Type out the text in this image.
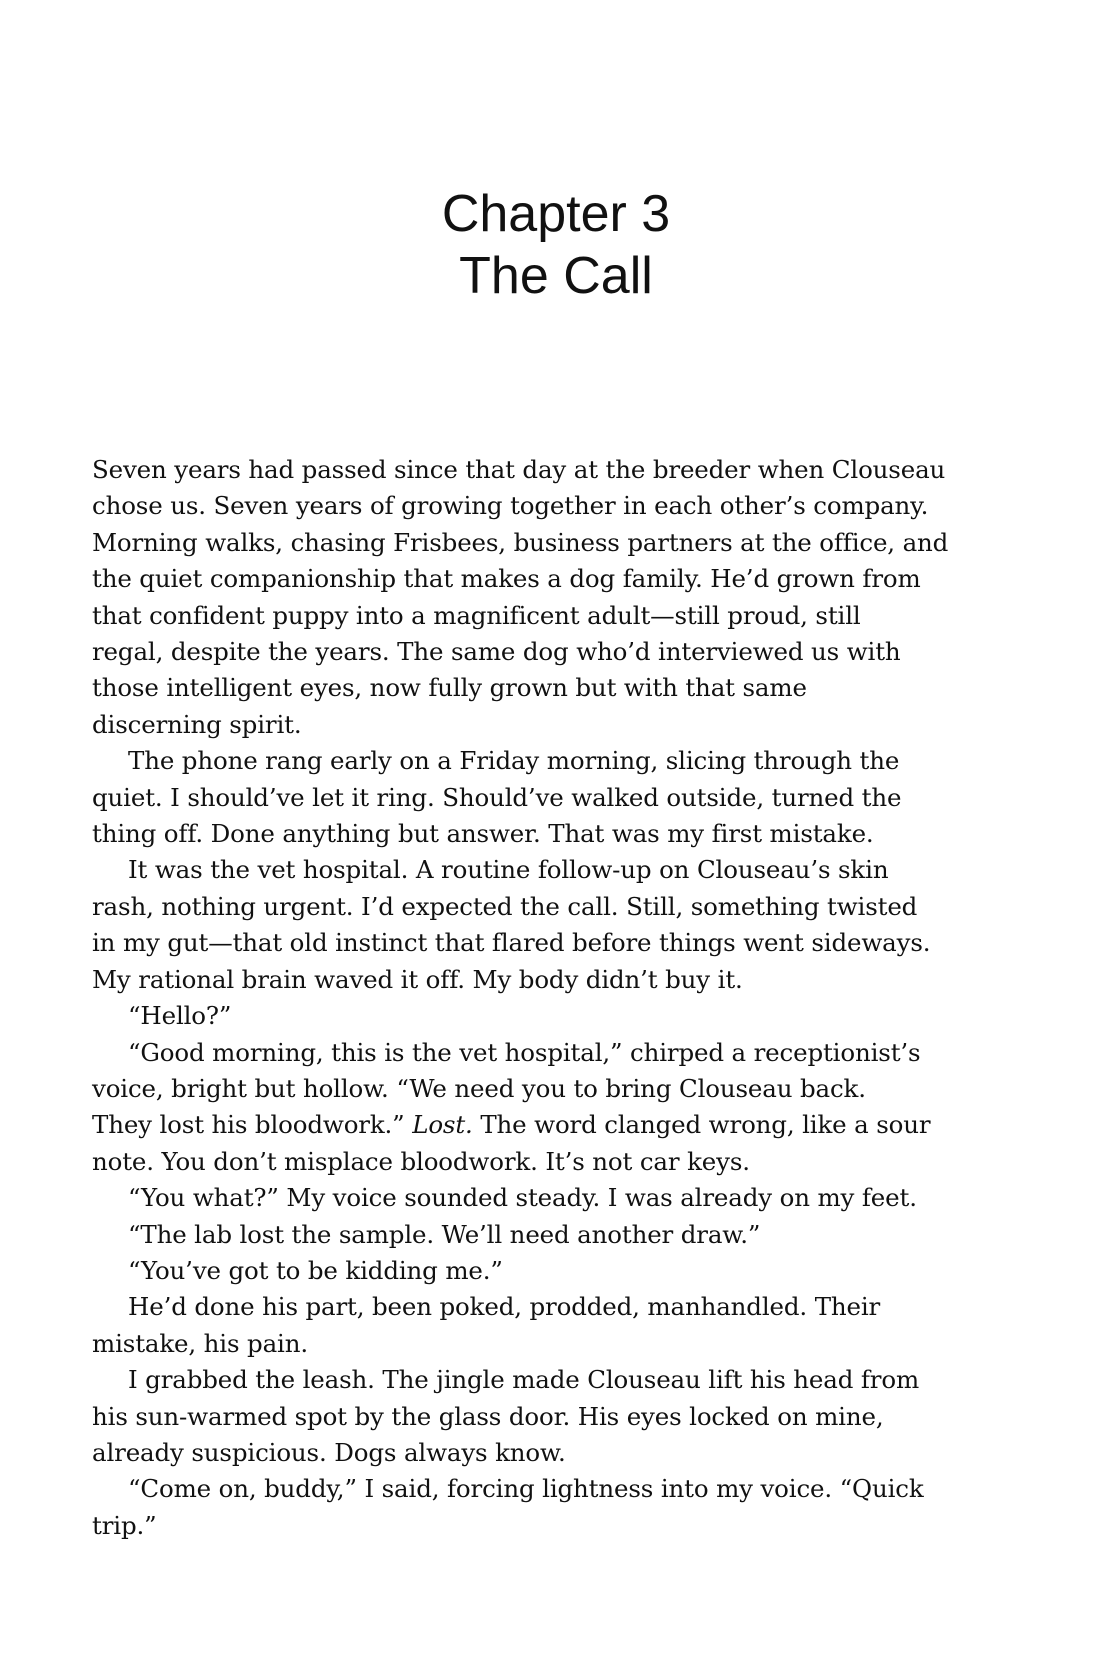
Chapter 3
The Call

Seven years had passed since that day at the breeder when Clouseau
chose us. Seven years of growing together in each other’s company.
Morning walks, chasing Frisbees, business partners at the office, and
the quiet companionship that makes a dog family. He’d grown from
that confident puppy into a magnificent adult—still proud, still
regal, despite the years. The same dog who’d interviewed us with
those intelligent eyes, now fully grown but with that same
discerning spirit.

The phone rang early on a Friday morning, slicing through the
quiet. I should’ve let it ring. Should’ve walked outside, turned the
thing off. Done anything but answer. That was my first mistake.

It was the vet hospital. A routine follow-up on Clouseau’s skin
rash, nothing urgent. I’d expected the call. Still, something twisted
in my gut—that old instinct that flared before things went sideways.
My rational brain waved it off. My body didn’t buy it.

“Hello?”

“Good morning, this is the vet hospital,” chirped a receptionist’s
voice, bright but hollow. “We need you to bring Clouseau back.
They lost his bloodwork.” Lost. The word clanged wrong, like a sour
note. You don’t misplace bloodwork. It’s not car keys.

“You what?” My voice sounded steady. I was already on my feet.

“The lab lost the sample. We’ll need another draw.”

“You’ve got to be kidding me.”

He’d done his part, been poked, prodded, manhandled. Their
mistake, his pain.

I grabbed the leash. The jingle made Clouseau lift his head from
his sun-warmed spot by the glass door. His eyes locked on mine,
already suspicious. Dogs always know.

“Come on, buddy,” I said, forcing lightness into my voice. “Quick
trip.”
